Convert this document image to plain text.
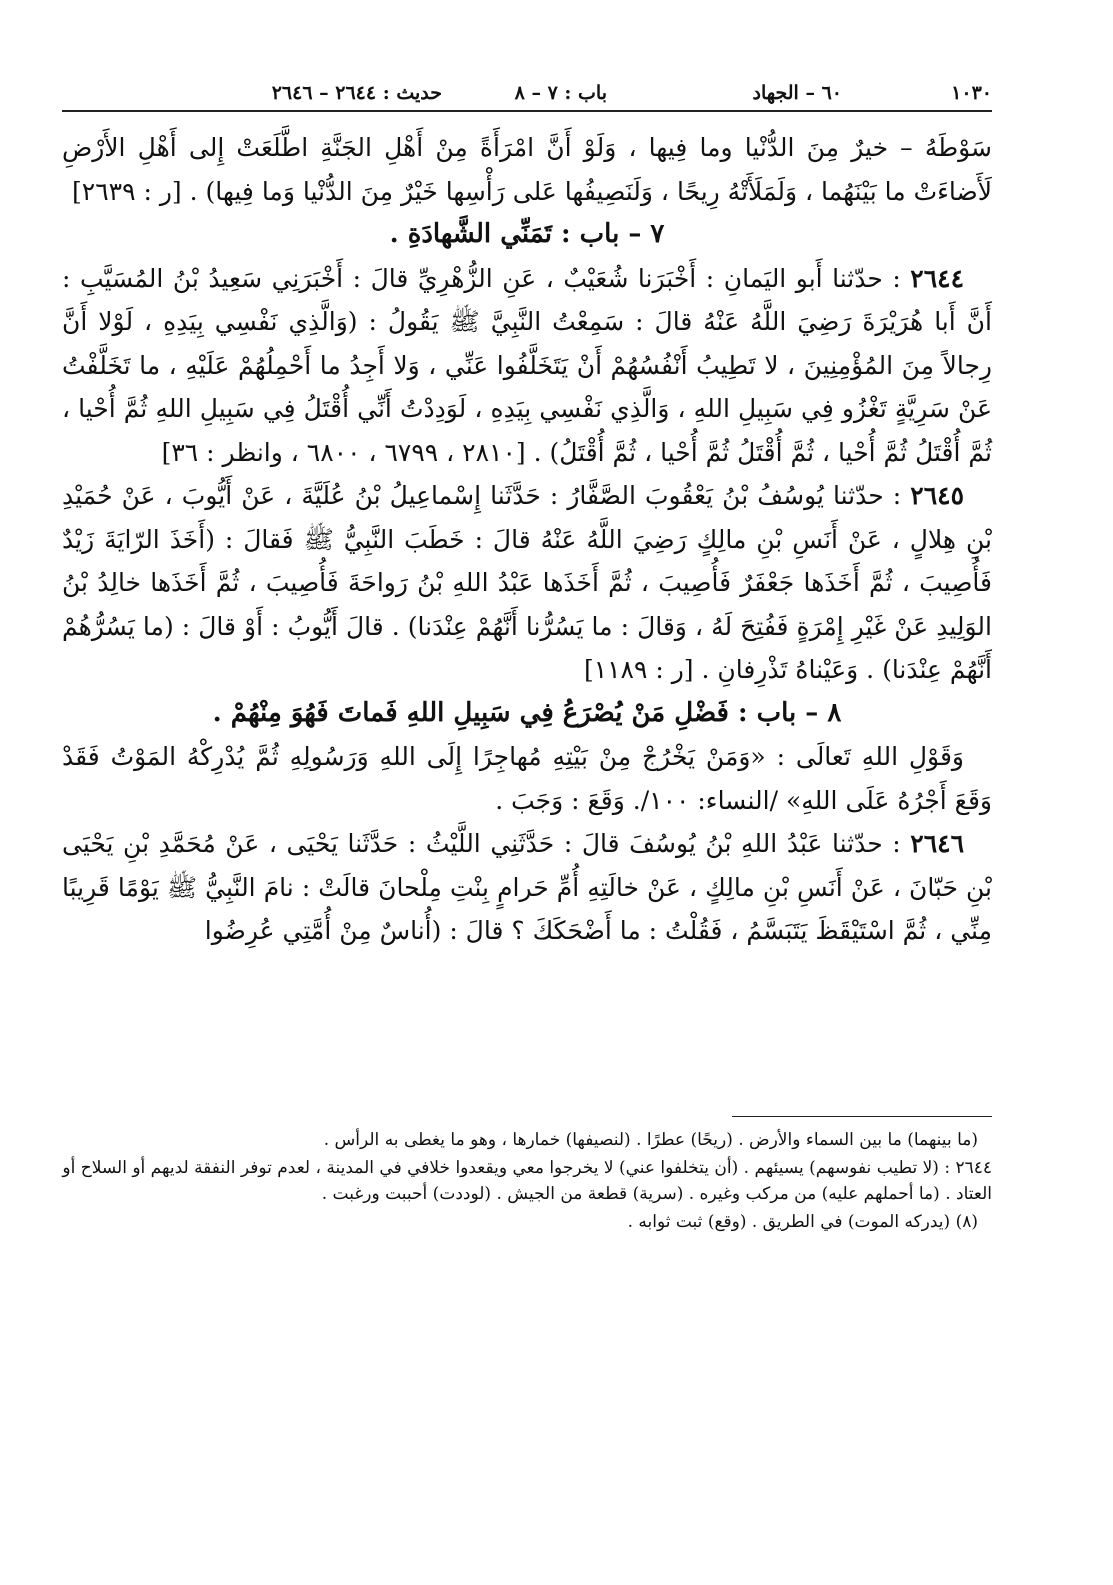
١٠٣٠
٦٠ – الجهاد
باب : ٧ – ٨
حديث : ٢٦٤٤ – ٢٦٤٦

سَوْطَهُ – خيرٌ مِنَ الدُّنْيا وما فِيها ، وَلَوْ أَنَّ امْرَأَةً مِنْ أَهْلِ الجَنَّةِ اطَّلَعَتْ إِلى أَهْلِ الأَرْضِ لَأَضاءَتْ ما بَيْنَهُما ، وَلَمَلَأَتْهُ رِيحًا ، وَلَنَصِيفُها عَلى رَأْسِها خَيْرٌ مِنَ الدُّنْيا وَما فِيها) . [ر : ٢٦٣٩]

٧ – باب : تَمَنِّي الشَّهادَةِ .

٢٦٤٤ : حدّثنا أَبو اليَمانِ : أَخْبَرَنا شُعَيْبٌ ، عَنِ الزُّهْرِيِّ قالَ : أَخْبَرَنِي سَعِيدُ بْنُ المُسَيَّبِ : أَنَّ أَبا هُرَيْرَةَ رَضِيَ اللَّهُ عَنْهُ قالَ : سَمِعْتُ النَّبِيَّ ﷺ يَقُولُ : (وَالَّذِي نَفْسِي بِيَدِهِ ، لَوْلا أَنَّ رِجالاً مِنَ المُؤْمِنِينَ ، لا تَطِيبُ أَنْفُسُهُمْ أَنْ يَتَخَلَّفُوا عَنِّي ، وَلا أَجِدُ ما أَحْمِلُهُمْ عَلَيْهِ ، ما تَخَلَّفْتُ عَنْ سَرِيَّةٍ تَغْزُو فِي سَبِيلِ اللهِ ، وَالَّذِي نَفْسِي بِيَدِهِ ، لَوَدِدْتُ أَنِّي أُقْتَلُ فِي سَبِيلِ اللهِ ثُمَّ أُحْيا ، ثُمَّ أُقْتَلُ ثُمَّ أُحْيا ، ثُمَّ أُقْتَلُ ثُمَّ أُحْيا ، ثُمَّ أُقْتَلُ) . [٢٨١٠ ، ٦٧٩٩ ، ٦٨٠٠ ، وانظر : ٣٦]

٢٦٤٥ : حدّثنا يُوسُفُ بْنُ يَعْقُوبَ الصَّفَّارُ : حَدَّثَنا إِسْماعِيلُ بْنُ عُلَيَّةَ ، عَنْ أَيُّوبَ ، عَنْ حُمَيْدِ بْنِ هِلالٍ ، عَنْ أَنَسِ بْنِ مالِكٍ رَضِيَ اللَّهُ عَنْهُ قالَ : خَطَبَ النَّبِيُّ ﷺ فَقالَ : (أَخَذَ الرّايَةَ زَيْدٌ فَأُصِيبَ ، ثُمَّ أَخَذَها جَعْفَرٌ فَأُصِيبَ ، ثُمَّ أَخَذَها عَبْدُ اللهِ بْنُ رَواحَةَ فَأُصِيبَ ، ثُمَّ أَخَذَها خالِدُ بْنُ الوَلِيدِ عَنْ غَيْرِ إِمْرَةٍ فَفُتِحَ لَهُ ، وَقالَ : ما يَسُرُّنا أَنَّهُمْ عِنْدَنا) . قالَ أَيُّوبُ : أَوْ قالَ : (ما يَسُرُّهُمْ أَنَّهُمْ عِنْدَنا) . وَعَيْناهُ تَذْرِفانِ . [ر : ١١٨٩]

٨ – باب : فَضْلِ مَنْ يُصْرَعُ فِي سَبِيلِ اللهِ فَماتَ فَهُوَ مِنْهُمْ .

وَقَوْلِ اللهِ تَعالَى : «وَمَنْ يَخْرُجْ مِنْ بَيْتِهِ مُهاجِرًا إِلَى اللهِ وَرَسُولِهِ ثُمَّ يُدْرِكْهُ المَوْتُ فَقَدْ وَقَعَ أَجْرُهُ عَلَى اللهِ» /النساء: ١٠٠/. وَقَعَ : وَجَبَ .

٢٦٤٦ : حدّثنا عَبْدُ اللهِ بْنُ يُوسُفَ قالَ : حَدَّثَنِي اللَّيْثُ : حَدَّثَنا يَحْيَى ، عَنْ مُحَمَّدِ بْنِ يَحْيَى بْنِ حَبّانَ ، عَنْ أَنَسِ بْنِ مالِكٍ ، عَنْ خالَتِهِ أُمِّ حَرامٍ بِنْتِ مِلْحانَ قالَتْ : نامَ النَّبِيُّ ﷺ يَوْمًا قَرِيبًا مِنِّي ، ثُمَّ اسْتَيْقَظَ يَتَبَسَّمُ ، فَقُلْتُ : ما أَضْحَكَكَ ؟ قالَ : (أُناسٌ مِنْ أُمَّتِي عُرِضُوا

(ما بينهما) ما بين السماء والأرض . (ريحًا) عطرًا . (لنصيفها) خمارها ، وهو ما يغطى به الرأس .

٢٦٤٤ : (لا تطيب نفوسهم) يسيئهم . (أن يتخلفوا عني) لا يخرجوا معي ويقعدوا خلافي في المدينة ، لعدم توفر النفقة لديهم أو السلاح أو العتاد . (ما أحملهم عليه) من مركب وغيره . (سرية) قطعة من الجيش . (لوددت) أحببت ورغبت .

(٨) (يدركه الموت) في الطريق . (وقع) ثبت ثوابه .
